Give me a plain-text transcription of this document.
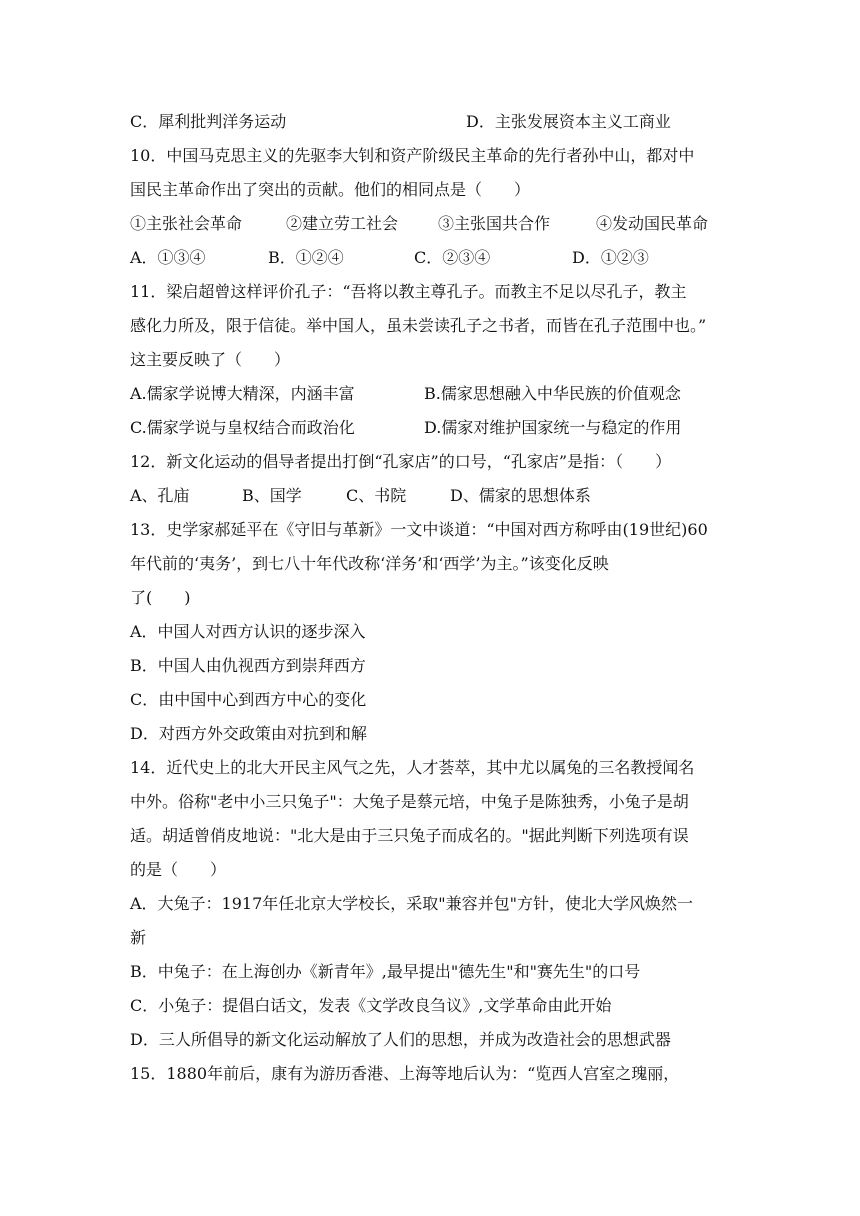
C．犀利批判洋务运动	D．主张发展资本主义工商业
10．中国马克思主义的先驱李大钊和资产阶级民主革命的先行者孙中山，都对中
国民主革命作出了突出的贡献。他们的相同点是（　　）
①主张社会革命	②建立劳工社会 ③主张国共合作	④发动国民革命
A．①③④	B．①②④	C．②③④	D．①②③
11．梁启超曾这样评价孔子：“吾将以教主尊孔子。而教主不足以尽孔子，教主
感化力所及，限于信徒。举中国人，虽未尝读孔子之书者，而皆在孔子范围中也。”
这主要反映了（　　）
A.儒家学说博大精深，内涵丰富	B.儒家思想融入中华民族的价值观念
C.儒家学说与皇权结合而政治化	D.儒家对维护国家统一与稳定的作用
12．新文化运动的倡导者提出打倒“孔家店”的口号，“孔家店”是指：（　　）
A、孔庙	B、国学	C、书院	D、儒家的思想体系
13．史学家郝延平在《守旧与革新》一文中谈道：“中国对西方称呼由(19世纪)60
年代前的‘夷务’，到七八十年代改称‘洋务’和‘西学’为主。”该变化反映
了(　　)
A．中国人对西方认识的逐步深入
B．中国人由仇视西方到崇拜西方
C．由中国中心到西方中心的变化
D．对西方外交政策由对抗到和解
14．近代史上的北大开民主风气之先，人才荟萃，其中尤以属兔的三名教授闻名
中外。俗称"老中小三只兔子"：大兔子是蔡元培，中兔子是陈独秀，小兔子是胡
适。胡适曾俏皮地说："北大是由于三只兔子而成名的。"据此判断下列选项有误
的是（　　）
A．大兔子：1917年任北京大学校长，采取"兼容并包"方针，使北大学风焕然一
新
B．中兔子：在上海创办《新青年》,最早提出"德先生"和"赛先生"的口号
C．小兔子：提倡白话文，发表《文学改良刍议》,文学革命由此开始
D．三人所倡导的新文化运动解放了人们的思想，并成为改造社会的思想武器
15．1880年前后，康有为游历香港、上海等地后认为：“览西人宫室之瑰丽，
